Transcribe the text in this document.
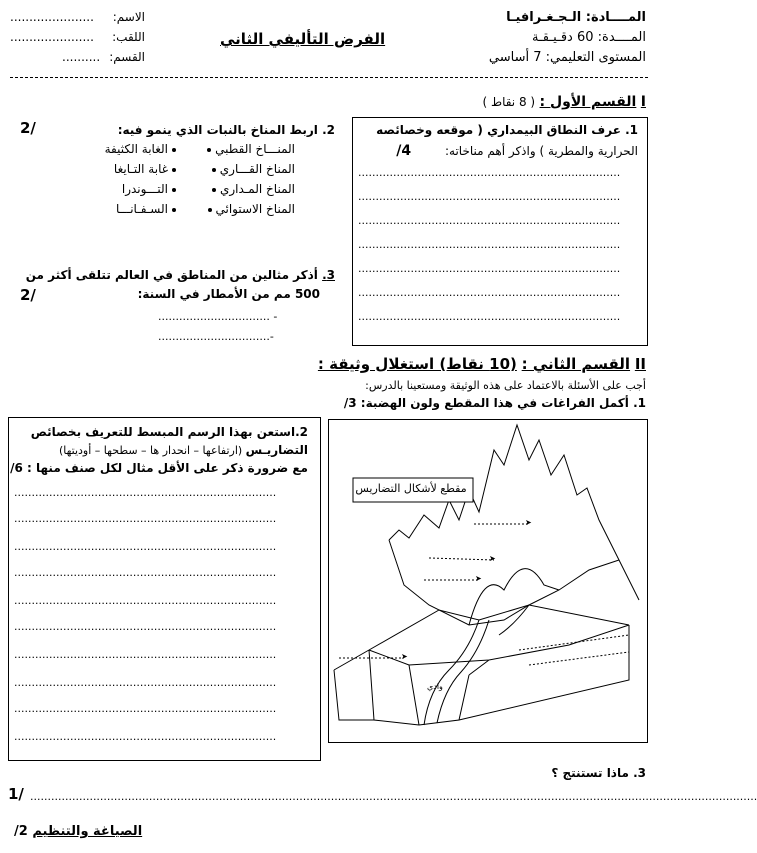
المــــادة: الـجـغـرافيـا
المــــدة: 60 دقـيـقـة
المستوى التعليمي: 7 أساسي
الفرض التأليفي الثاني
الاسم:
......................
اللقب:
......................
القسم:
..........
I القسم الأول : ( 8 نقاط )
1. عرف النطاق البيمداري ( موقعه وخصائصه
الحرارية والمطرية ) واذكر أهم مناخاته: 4/
...........................................................................
...........................................................................
...........................................................................
...........................................................................
...........................................................................
...........................................................................
...........................................................................
2. اربط المناخ بالنبات الذي ينمو فيه:
2/
المنـــاخ القطبي
المناخ القـــاري
المناخ المـداري
المناخ الاستوائي
الغابة الكثيفة
غابة التـايغا
التـــوندرا
السـفـانـــا
3. أذكر مثالين من المناطق في العالم تتلقى أكثر من
500 مم من الأمطار في السنة:
2/
................................ -
................................-
II القسم الثاني : (10 نقاط) استغلال وثيقة :
أجب على الأسئلة بالاعتماد على هذه الوثيقة ومستعينا بالدرس:
1. أكمل الفراغات في هذا المقطع ولون الهضبة: 3/
2.استعن بهذا الرسم المبسط للتعريف بخصائص
التضاريـس (ارتفاعها – انحدار ها – سطحها – أوديتها)
مع ضرورة ذكر على الأقل مثال لكل صنف منها : 6/
...........................................................................
...........................................................................
...........................................................................
...........................................................................
...........................................................................
...........................................................................
...........................................................................
...........................................................................
...........................................................................
...........................................................................
مقطع لأشكال التضاريس
وادي
➤
➤
➤
➤
3. ماذا تستنتج ؟
1/ ................................................................................................................................................................................................................
الصياغة والتنظيم 2/
